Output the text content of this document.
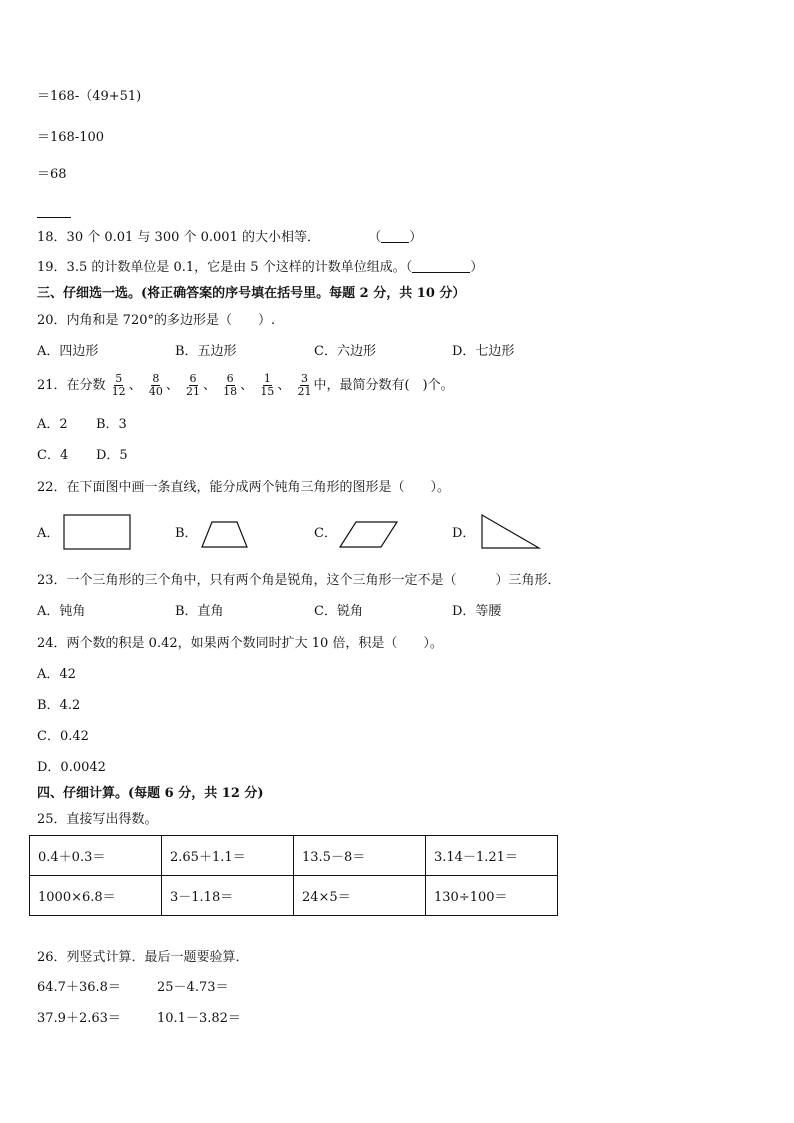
＝168-（49+51)
＝168-100
＝68
18．30 个 0.01 与 300 个 0.001 的大小相等．	（ ）
19．3.5 的计数单位是 0.1，它是由 5 个这样的计数单位组成。（	）
三、仔细选一选。(将正确答案的序号填在括号里。每题 2 分，共 10 分）
20．内角和是 720°的多边形是（　　）.
A．四边形	B．五边形	C．六边形	D．七边形
21．在分数 $\frac{5}{12}$ 、 $\frac{8}{40}$ 、 $\frac{6}{21}$ 、 $\frac{6}{18}$ 、 $\frac{1}{15}$ 、 $\frac{3}{21}$ 中，最简分数有(　)个。
A．2 B．3
C．4 D．5
22．在下面图中画一条直线，能分成两个钝角三角形的图形是（　　）。
A．	B．	C．	D．
23．一个三角形的三个角中，只有两个角是锐角，这个三角形一定不是（　　　）三角形．
A．钝角	B．直角	C．锐角	D．等腰
24．两个数的积是 0.42，如果两个数同时扩大 10 倍，积是（　　）。
A．42
B．4.2
C．0.42
D．0.0042
四、仔细计算。(每题 6 分，共 12 分)
25．直接写出得数。
0.4＋0.3＝	2.65＋1.1＝	13.5－8＝	3.14－1.21＝
1000×6.8＝	3－1.18＝	24×5＝	130÷100＝
26．列竖式计算．最后一题要验算．
64.7＋36.8＝	25－4.73＝
37.9＋2.63＝	10.1－3.82＝
